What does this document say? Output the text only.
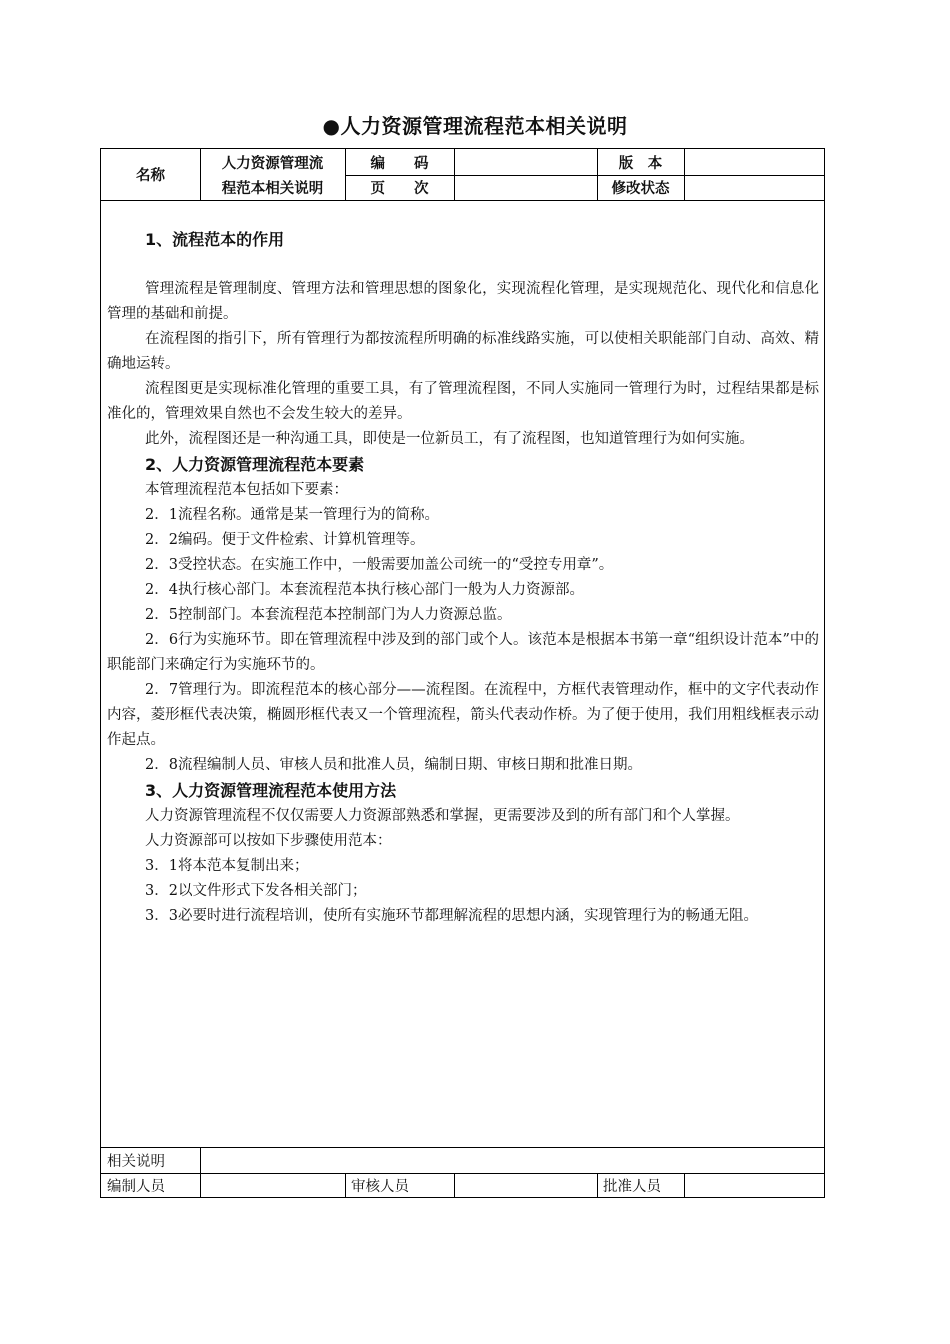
●人力资源管理流程范本相关说明
名称
人力资源管理流
程范本相关说明
编　　码
页　　次
版　本
修改状态
1、流程范本的作用

管理流程是管理制度、管理方法和管理思想的图象化，实现流程化管理，是实现规范化、现代化和信息化管理的基础和前提。

在流程图的指引下，所有管理行为都按流程所明确的标准线路实施，可以使相关职能部门自动、高效、精确地运转。

流程图更是实现标准化管理的重要工具，有了管理流程图，不同人实施同一管理行为时，过程结果都是标准化的，管理效果自然也不会发生较大的差异。

此外，流程图还是一种沟通工具，即使是一位新员工，有了流程图，也知道管理行为如何实施。

2、人力资源管理流程范本要素

本管理流程范本包括如下要素：

2．1流程名称。通常是某一管理行为的简称。

2．2编码。便于文件检索、计算机管理等。

2．3受控状态。在实施工作中，一般需要加盖公司统一的“受控专用章”。

2．4执行核心部门。本套流程范本执行核心部门一般为人力资源部。

2．5控制部门。本套流程范本控制部门为人力资源总监。

2．6行为实施环节。即在管理流程中涉及到的部门或个人。该范本是根据本书第一章“组织设计范本”中的职能部门来确定行为实施环节的。

2．7管理行为。即流程范本的核心部分——流程图。在流程中，方框代表管理动作，框中的文字代表动作内容，菱形框代表决策，椭圆形框代表又一个管理流程，箭头代表动作桥。为了便于使用，我们用粗线框表示动作起点。

2．8流程编制人员、审核人员和批准人员，编制日期、审核日期和批准日期。

3、人力资源管理流程范本使用方法

人力资源管理流程不仅仅需要人力资源部熟悉和掌握，更需要涉及到的所有部门和个人掌握。

人力资源部可以按如下步骤使用范本：

3．1将本范本复制出来；

3．2以文件形式下发各相关部门；

3．3必要时进行流程培训，使所有实施环节都理解流程的思想内涵，实现管理行为的畅通无阻。

相关说明
编制人员	审核人员	批准人员
